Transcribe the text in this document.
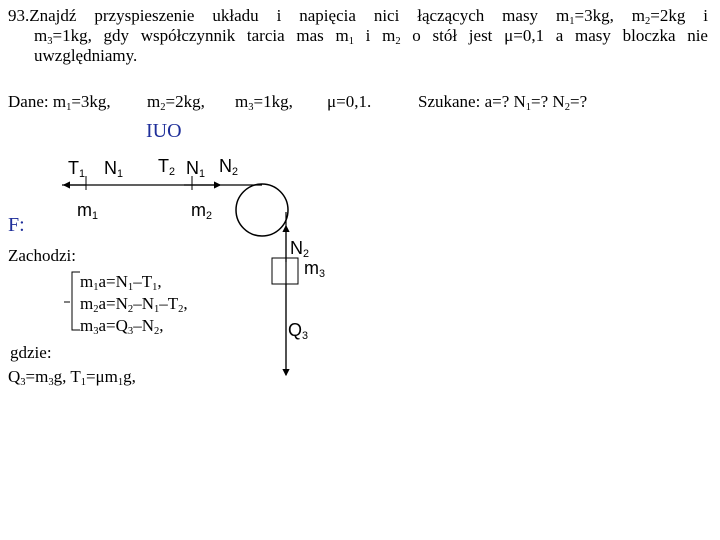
93.Znajdź przyspieszenie układu i napięcia nici łączących masy $m_1=3kg$, $m_2=2kg$ i
$m_3=1kg$, gdy współczynnik tarcia mas $m_1$ i $m_2$ o stół jest μ=0,1 a masy bloczka nie
uwzględniamy.
Dane: $m_1=3kg$, $m_2=2kg$, $m_3=1kg$, μ=0,1.	Szukane: a=? $N_1=$? $N_2=$?
IUO
$T_1$ $N_1$ $T_2$ $N_1$ $N_2$
$m_1$	$m_2$
$N_2$
$m_3$
$Q_3$
F:
Zachodzi:
$m_1a=N_1-T_1$,
$m_2a=N_2-N_1-T_2$,
$m_3a=Q_3-N_2$,
gdzie:
$Q_3=m_3g$, $T_1=\mu m_1g$,
